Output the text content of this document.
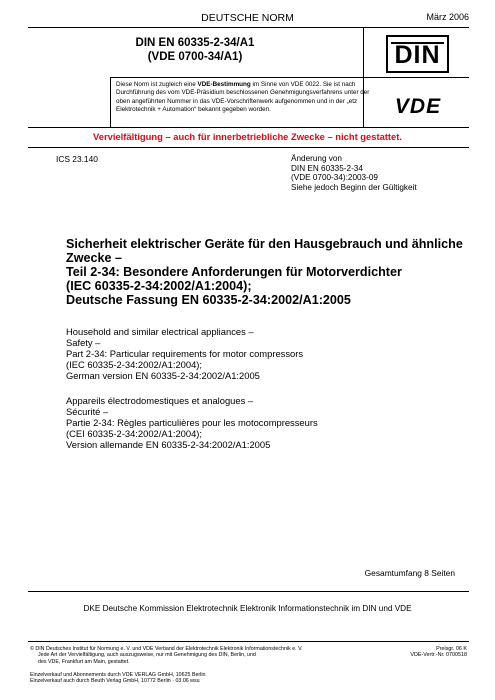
DEUTSCHE NORM	März 2006
DIN EN 60335-2-34/A1
(VDE 0700-34/A1)	DIN
Diese Norm ist zugleich eine VDE-Bestimmung im Sinne von VDE 0022. Sie ist nach Durchführung des vom VDE-Präsidium beschlossenen Genehmigungsverfahrens unter der oben angeführten Nummer in das VDE-Vorschriftenwerk aufgenommen und in der „etz Elektrotechnik + Automation“ bekannt gegeben worden.	VDE
Vervielfältigung – auch für innerbetriebliche Zwecke – nicht gestattet.
ICS 23.140	Änderung von
DIN EN 60335-2-34
(VDE 0700-34):2003-09
Siehe jedoch Beginn der Gültigkeit
Sicherheit elektrischer Geräte für den Hausgebrauch und ähnliche
Zwecke –
Teil 2-34: Besondere Anforderungen für Motorverdichter
(IEC 60335-2-34:2002/A1:2004);
Deutsche Fassung EN 60335-2-34:2002/A1:2005
Household and similar electrical appliances –
Safety –
Part 2-34: Particular requirements for motor compressors
(IEC 60335-2-34:2002/A1:2004);
German version EN 60335-2-34:2002/A1:2005
Appareils électrodomestiques et analogues –
Sécurité –
Partie 2-34: Règles particulières pour les motocompresseurs
(CEI 60335-2-34:2002/A1:2004);
Version allemande EN 60335-2-34:2002/A1:2005
Gesamtumfang 8 Seiten
DKE Deutsche Kommission Elektrotechnik Elektronik Informationstechnik im DIN und VDE
© DIN Deutsches Institut für Normung e. V. und VDE Verband der Elektrotechnik Elektronik Informationstechnik e. V.
Jede Art der Vervielfältigung, auch auszugsweise, nur mit Genehmigung des DIN, Berlin, und
des VDE, Frankfurt am Main, gestattet.
Preisgr. 06 K
VDE-Vertr.-Nr. 0700518
Einzelverkauf und Abonnements durch VDE VERLAG GmbH, 10625 Berlin
Einzelverkauf auch durch Beuth Verlag GmbH, 10772 Berlin · 03.06 wsu
